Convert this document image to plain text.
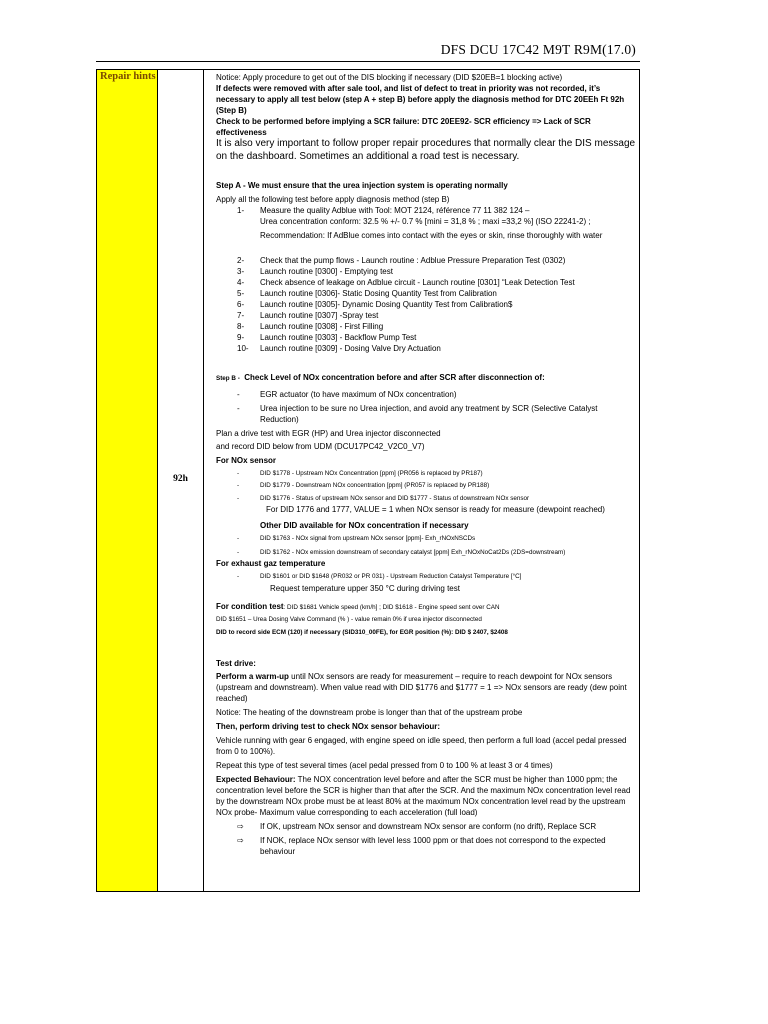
DFS DCU 17C42 M9T R9M(17.0)
Repair hints
92h

Notice: Apply procedure to get out of the DIS blocking if necessary (DID $20EB=1 blocking active)

If defects were removed with after sale tool, and list of defect to treat in priority was not recorded, it’s necessary to apply all test below (step A + step B) before apply the diagnosis method for DTC 20EEh Ft 92h (Step B)

Check to be performed before implying a SCR failure: DTC 20EE92- SCR efficiency => Lack of SCR effectiveness

It is also very important to follow proper repair procedures that normally clear the DIS message on the dashboard. Sometimes an additional a road test is necessary.

Step A - We must ensure that the urea injection system is operating normally

Apply all the following test before apply diagnosis method (step B)

1- Measure the quality Adblue with Tool: MOT 2124, référence 77 11 382 124 –

Urea concentration conform: 32.5 % +/- 0.7 % [mini = 31,8 % ; maxi =33,2 %] (ISO 22241-2) ;

Recommendation: If AdBlue comes into contact with the eyes or skin, rinse thoroughly with water

2- Check that the pump flows - Launch routine : Adblue Pressure Preparation Test (0302)

3- Launch routine [0300] - Emptying test

4- Check absence of leakage on Adblue circuit - Launch routine [0301] “Leak Detection Test

5- Launch routine [0306]- Static Dosing Quantity Test from Calibration

6- Launch routine [0305]- Dynamic Dosing Quantity Test from Calibration$

7- Launch routine [0307] -Spray test

8- Launch routine [0308] - First Filling

9- Launch routine [0303] - Backflow Pump Test

10- Launch routine [0309] - Dosing Valve Dry Actuation

Step B - Check Level of NOx concentration before and after SCR after disconnection of:

-	EGR actuator (to have maximum of NOx concentration)

-	Urea injection to be sure no Urea injection, and avoid any treatment by SCR (Selective Catalyst Reduction)

Plan a drive test with EGR (HP) and Urea injector disconnected

and record DID below from UDM (DCU17PC42_V2C0_V7)

For NOx sensor

-	DID $1778 - Upstream NOx Concentration [ppm] (PR056 is replaced by PR187)

-	DID $1779 - Downstream NOx concentration [ppm] (PR057 is replaced by PR188)

-	DID $1776 - Status of upstream NOx sensor and DID $1777 - Status of downstream NOx sensor

For DID 1776 and 1777, VALUE = 1 when NOx sensor is ready for measure (dewpoint reached)

Other DID available for NOx concentration if necessary

-	DID $1763 - NOx signal from upstream NOx sensor [ppm]- Exh_rNOxNSCDs

-	DID $1762 - NOx emission downstream of secondary catalyst [ppm] Exh_rNOxNoCat2Ds (2DS=downstream)

For exhaust gaz temperature

-	DID $1601 or DID $1648 (PR032 or PR 031) - Upstream Reduction Catalyst Temperature [°C]

Request temperature upper 350 °C during driving test

For condition test: DID $1681 Vehicle speed (km/h] ; DID $1618 - Engine speed sent over CAN

DID $1651 – Urea Dosing Valve Command (% ) - value remain 0% if urea injector disconnected

DID to record side ECM (120) if necessary (SID310_00FE), for EGR position (%): DID $ 2407, $2408

Test drive:

Perform a warm-up until NOx sensors are ready for measurement – require to reach dewpoint for NOx sensors (upstream and downstream). When value read with DID $1776 and $1777 = 1 => NOx sensors are ready (dew point reached)

Notice: The heating of the downstream probe is longer than that of the upstream probe

Then, perform driving test to check NOx sensor behaviour:

Vehicle running with gear 6 engaged, with engine speed on idle speed, then perform a full load (accel pedal pressed from 0 to 100%).

Repeat this type of test several times (acel pedal pressed from 0 to 100 % at least 3 or 4 times)

Expected Behaviour: The NOX concentration level before and after the SCR must be higher than 1000 ppm; the concentration level before the SCR is higher than that after the SCR. And the maximum NOx concentration level read by the downstream NOx probe must be at least 80% at the maximum NOx concentration level read by the upstream NOx probe- Maximum value corresponding to each acceleration (full load)

⇨ If OK, upstream NOx sensor and downstream NOx sensor are conform (no drift), Replace SCR

⇨ If NOK, replace NOx sensor with level less 1000 ppm or that does not correspond to the expected behaviour
